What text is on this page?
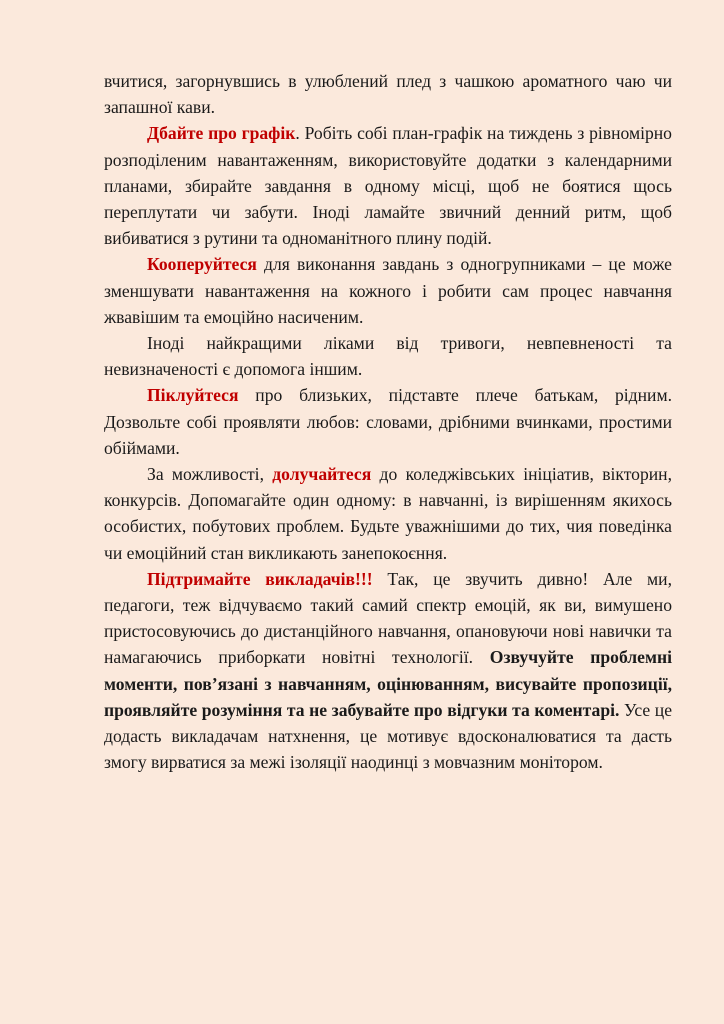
вчитися, загорнувшись в улюблений плед з чашкою ароматного чаю чи запашної кави.

Дбайте про графік. Робіть собі план-графік на тиждень з рівномірно розподіленим навантаженням, використовуйте додатки з календарними планами, збирайте завдання в одному місці, щоб не боятися щось переплутати чи забути. Іноді ламайте звичний денний ритм, щоб вибиватися з рутини та одноманітного плину подій.

Кооперуйтеся для виконання завдань з одногрупниками – це може зменшувати навантаження на кожного і робити сам процес навчання жвавішим та емоційно насиченим.

Іноді найкращими ліками від тривоги, невпевненості та невизначеності є допомога іншим.

Піклуйтеся про близьких, підставте плече батькам, рідним. Дозвольте собі проявляти любов: словами, дрібними вчинками, простими обіймами.

За можливості, долучайтеся до коледжівських ініціатив, вікторин, конкурсів. Допомагайте один одному: в навчанні, із вирішенням якихось особистих, побутових проблем. Будьте уважнішими до тих, чия поведінка чи емоційний стан викликають занепокоєння.

Підтримайте викладачів!!! Так, це звучить дивно! Але ми, педагоги, теж відчуваємо такий самий спектр емоцій, як ви, вимушено пристосовуючись до дистанційного навчання, опановуючи нові навички та намагаючись приборкати новітні технології. Озвучуйте проблемні моменти, пов’язані з навчанням, оцінюванням, висувайте пропозиції, проявляйте розуміння та не забувайте про відгуки та коментарі. Усе це додасть викладачам натхнення, це мотивує вдосконалюватися та дасть змогу вирватися за межі ізоляції наодинці з мовчазним монітором.
